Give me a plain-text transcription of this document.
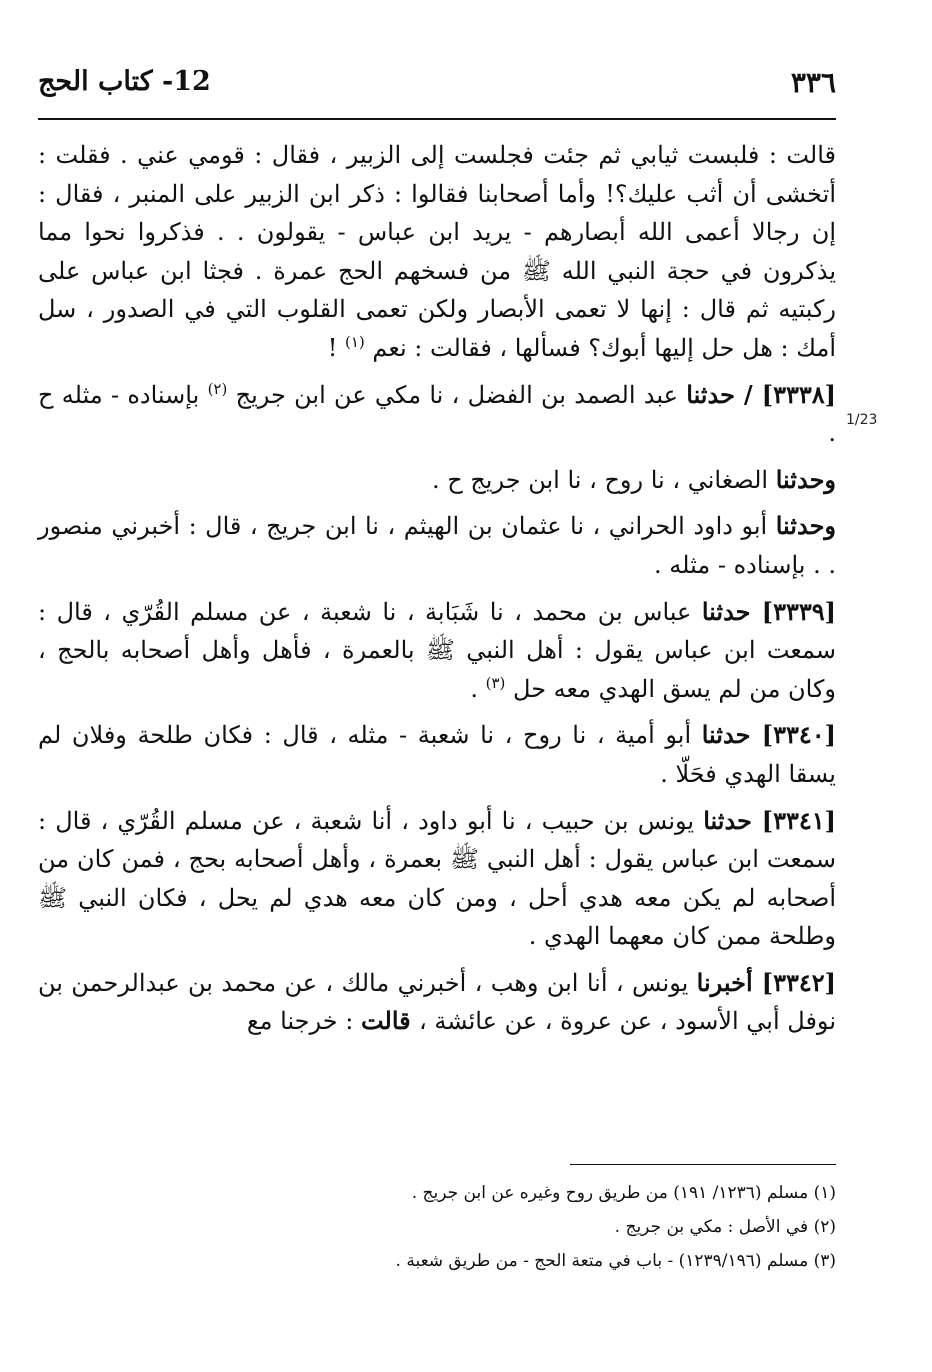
٣٣٦
12- كتاب الحج
1/23

قالت : فلبست ثيابي ثم جئت فجلست إلى الزبير ، فقال : قومي عني . فقلت : أتخشى أن أثب عليك؟! وأما أصحابنا فقالوا : ذكر ابن الزبير على المنبر ، فقال : إن رجالا أعمى الله أبصارهم - يريد ابن عباس - يقولون . . فذكروا نحوا مما يذكرون في حجة النبي الله ﷺ من فسخهم الحج عمرة . فجثا ابن عباس على ركبتيه ثم قال : إنها لا تعمى الأبصار ولكن تعمى القلوب التي في الصدور ، سل أمك : هل حل إليها أبوك؟ فسألها ، فقالت : نعم $^{(١)}$ !

[٣٣٣٨] / حدثنا عبد الصمد بن الفضل ، نا مكي عن ابن جريج $^{(٢)}$ بإسناده - مثله ح .

وحدثنا الصغاني ، نا روح ، نا ابن جريج ح .

وحدثنا أبو داود الحراني ، نا عثمان بن الهيثم ، نا ابن جريج ، قال : أخبرني منصور . . بإسناده - مثله .

[٣٣٣٩] حدثنا عباس بن محمد ، نا شَبَابة ، نا شعبة ، عن مسلم القُرّي ، قال : سمعت ابن عباس يقول : أهل النبي ﷺ بالعمرة ، فأهل وأهل أصحابه بالحج ، وكان من لم يسق الهدي معه حل $^{(٣)}$ .

[٣٣٤٠] حدثنا أبو أمية ، نا روح ، نا شعبة - مثله ، قال : فكان طلحة وفلان لم يسقا الهدي فحَلّا .

[٣٣٤١] حدثنا يونس بن حبيب ، نا أبو داود ، أنا شعبة ، عن مسلم القُرّي ، قال : سمعت ابن عباس يقول : أهل النبي ﷺ بعمرة ، وأهل أصحابه بحج ، فمن كان من أصحابه لم يكن معه هدي أحل ، ومن كان معه هدي لم يحل ، فكان النبي ﷺ وطلحة ممن كان معهما الهدي .

[٣٣٤٢] أخبرنا يونس ، أنا ابن وهب ، أخبرني مالك ، عن محمد بن عبدالرحمن بن نوفل أبي الأسود ، عن عروة ، عن عائشة ، قالت : خرجنا مع

(١) مسلم (١٢٣٦/ ١٩١) من طريق روح وغيره عن ابن جريج .

(٢) في الأصل : مكي بن جريج .

(٣) مسلم (١٢٣٩/١٩٦) - باب في متعة الحج - من طريق شعبة .
